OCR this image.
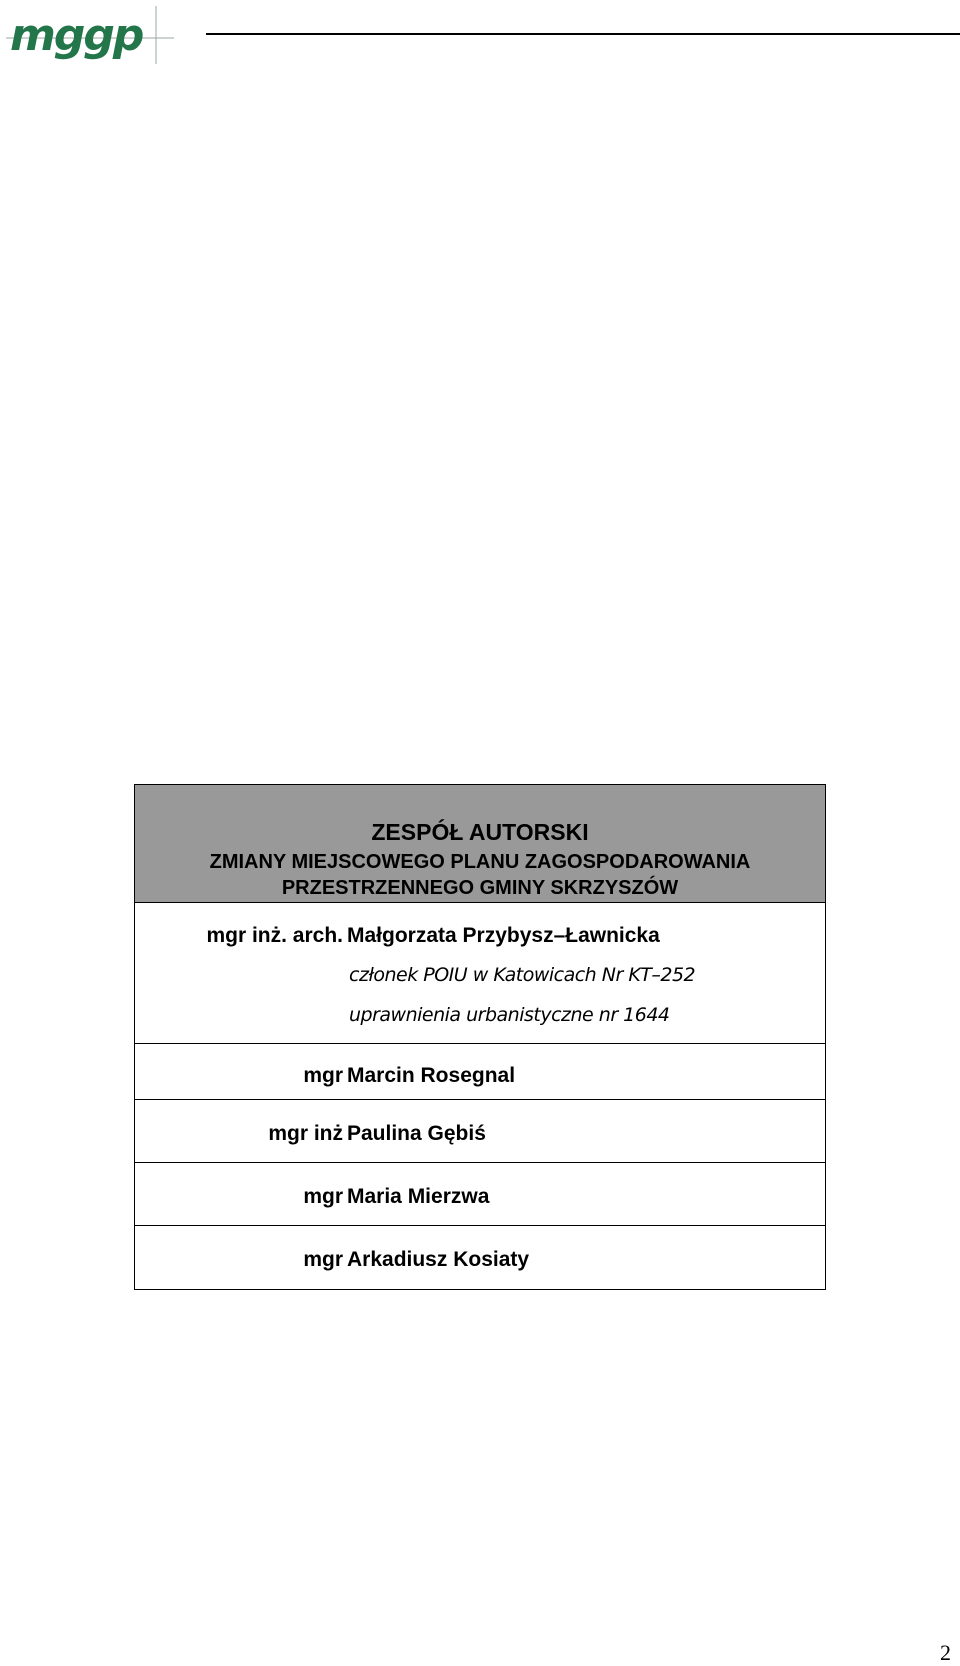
mggp
ZESPÓŁ AUTORSKI
ZMIANY MIEJSCOWEGO PLANU ZAGOSPODAROWANIA
PRZESTRZENNEGO GMINY SKRZYSZÓW
mgr inż. arch. Małgorzata Przybysz–Ławnicka
członek POIU w Katowicach Nr KT–252
uprawnienia urbanistyczne nr 1644
mgr Marcin Rosegnal
mgr inż Paulina Gębiś
mgr Maria Mierzwa
mgr Arkadiusz Kosiaty
2
